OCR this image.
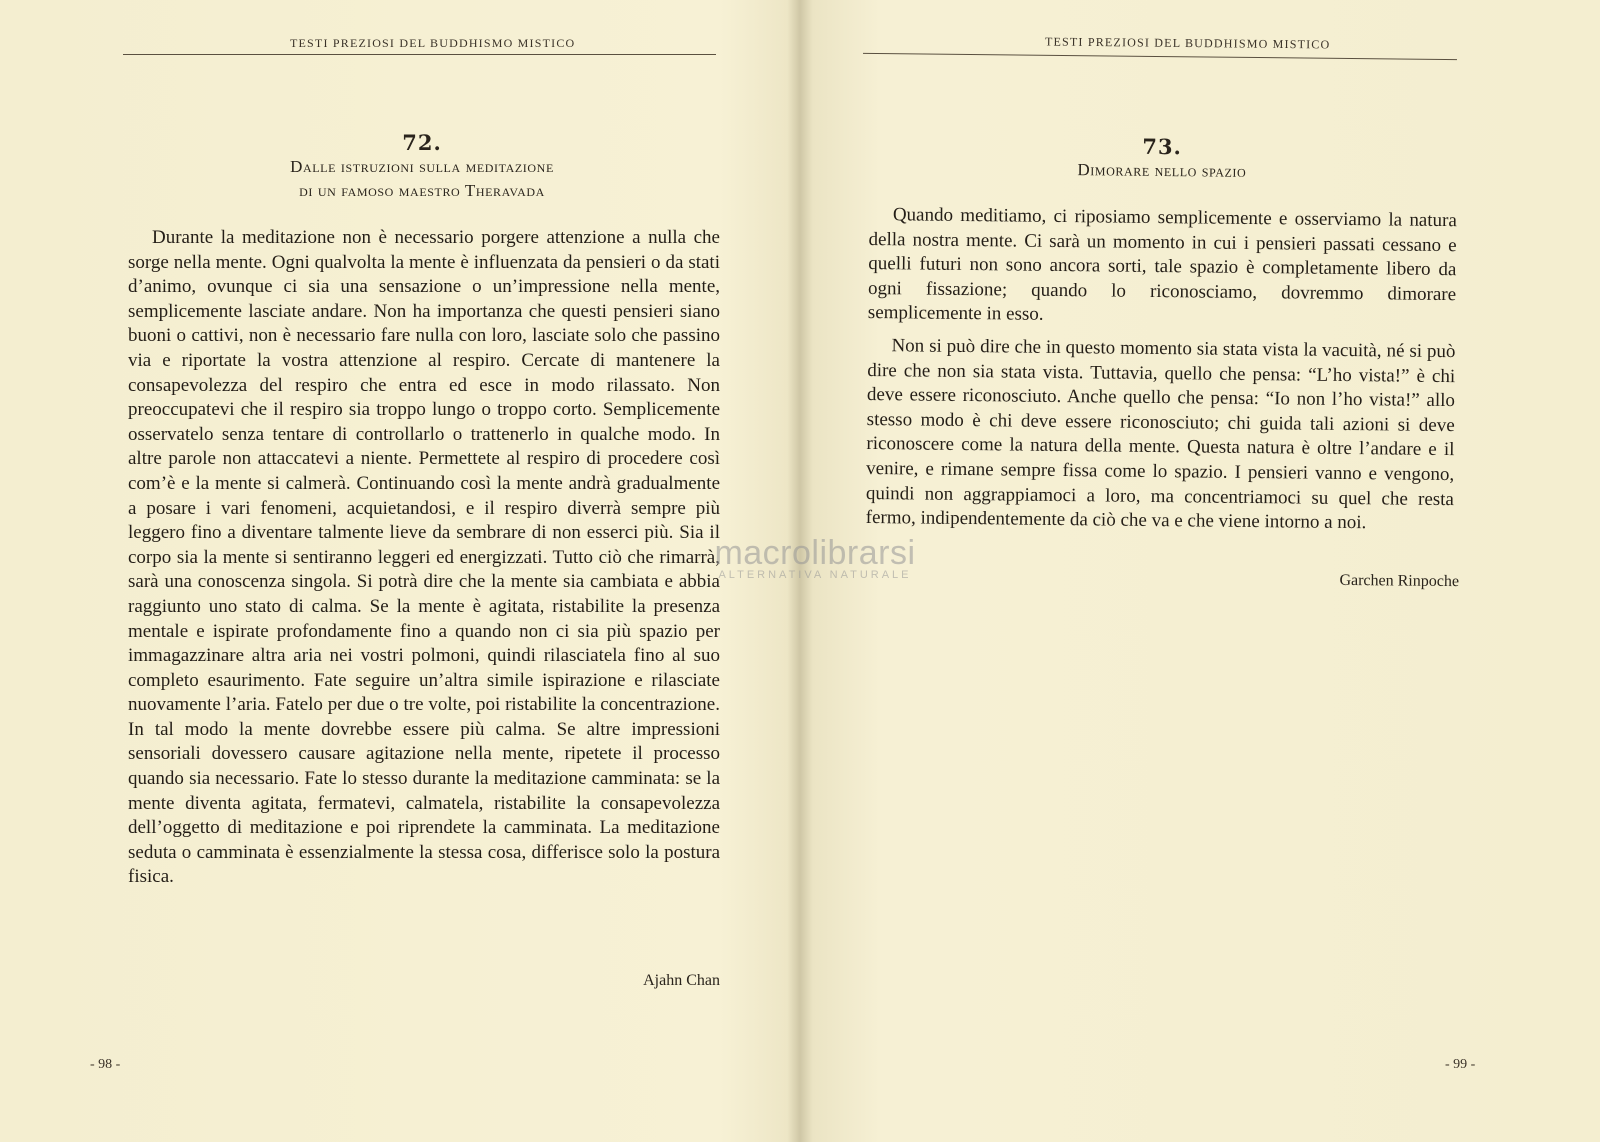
TESTI PREZIOSI DEL BUDDHISMO MISTICO
72.
Dalle istruzioni sulla meditazione
di un famoso maestro Theravada

Durante la meditazione non è necessario porgere attenzione a nulla che sorge nella mente. Ogni qualvolta la mente è influenzata da pensieri o da stati d’animo, ovunque ci sia una sensazione o un’impressione nella mente, semplicemente lasciate andare. Non ha importanza che questi pensieri siano buoni o cattivi, non è necessario fare nulla con loro, lasciate solo che passino via e riportate la vostra attenzione al respiro. Cercate di mantenere la consapevolezza del respiro che entra ed esce in modo rilassato. Non preoccupatevi che il respiro sia troppo lungo o troppo corto. Semplicemente osservatelo senza tentare di controllarlo o trattenerlo in qualche modo. In altre parole non attaccatevi a niente. Permettete al respiro di procedere così com’è e la mente si calmerà. Continuando così la mente andrà gradualmente a posare i vari fenomeni, acquietandosi, e il respiro diverrà sempre più leggero fino a diventare talmente lieve da sembrare di non esserci più. Sia il corpo sia la mente si sentiranno leggeri ed energizzati. Tutto ciò che rimarrà, sarà una conoscenza singola. Si potrà dire che la mente sia cambiata e abbia raggiunto uno stato di calma. Se la mente è agitata, ristabilite la presenza mentale e ispirate profondamente fino a quando non ci sia più spazio per immagazzinare altra aria nei vostri polmoni, quindi rilasciatela fino al suo completo esaurimento. Fate seguire un’altra simile ispirazione e rilasciate nuovamente l’aria. Fatelo per due o tre volte, poi ristabilite la concentrazione. In tal modo la mente dovrebbe essere più calma. Se altre impressioni sensoriali dovessero causare agitazione nella mente, ripetete il processo quando sia necessario. Fate lo stesso durante la meditazione camminata: se la mente diventa agitata, fermatevi, calmatela, ristabilite la consapevolezza dell’oggetto di meditazione e poi riprendete la camminata. La meditazione seduta o camminata è essenzialmente la stessa cosa, differisce solo la postura fisica.

Ajahn Chan
- 98 -
TESTI PREZIOSI DEL BUDDHISMO MISTICO
73.
Dimorare nello spazio

Quando meditiamo, ci riposiamo semplicemente e osserviamo la natura della nostra mente. Ci sarà un momento in cui i pensieri passati cessano e quelli futuri non sono ancora sorti, tale spazio è completamente libero da ogni fissazione; quando lo riconosciamo, dovremmo dimorare semplicemente in esso.

Non si può dire che in questo momento sia stata vista la vacuità, né si può dire che non sia stata vista. Tuttavia, quello che pensa: “L’ho vista!” è chi deve essere riconosciuto. Anche quello che pensa: “Io non l’ho vista!” allo stesso modo è chi deve essere riconosciuto; chi guida tali azioni si deve riconoscere come la natura della mente. Questa natura è oltre l’andare e il venire, e rimane sempre fissa come lo spazio. I pensieri vanno e vengono, quindi non aggrappiamoci a loro, ma concentriamoci su quel che resta fermo, indipendentemente da ciò che va e che viene intorno a noi.

Garchen Rinpoche
- 99 -
macrolibrarsi
ALTERNATIVA NATURALE
